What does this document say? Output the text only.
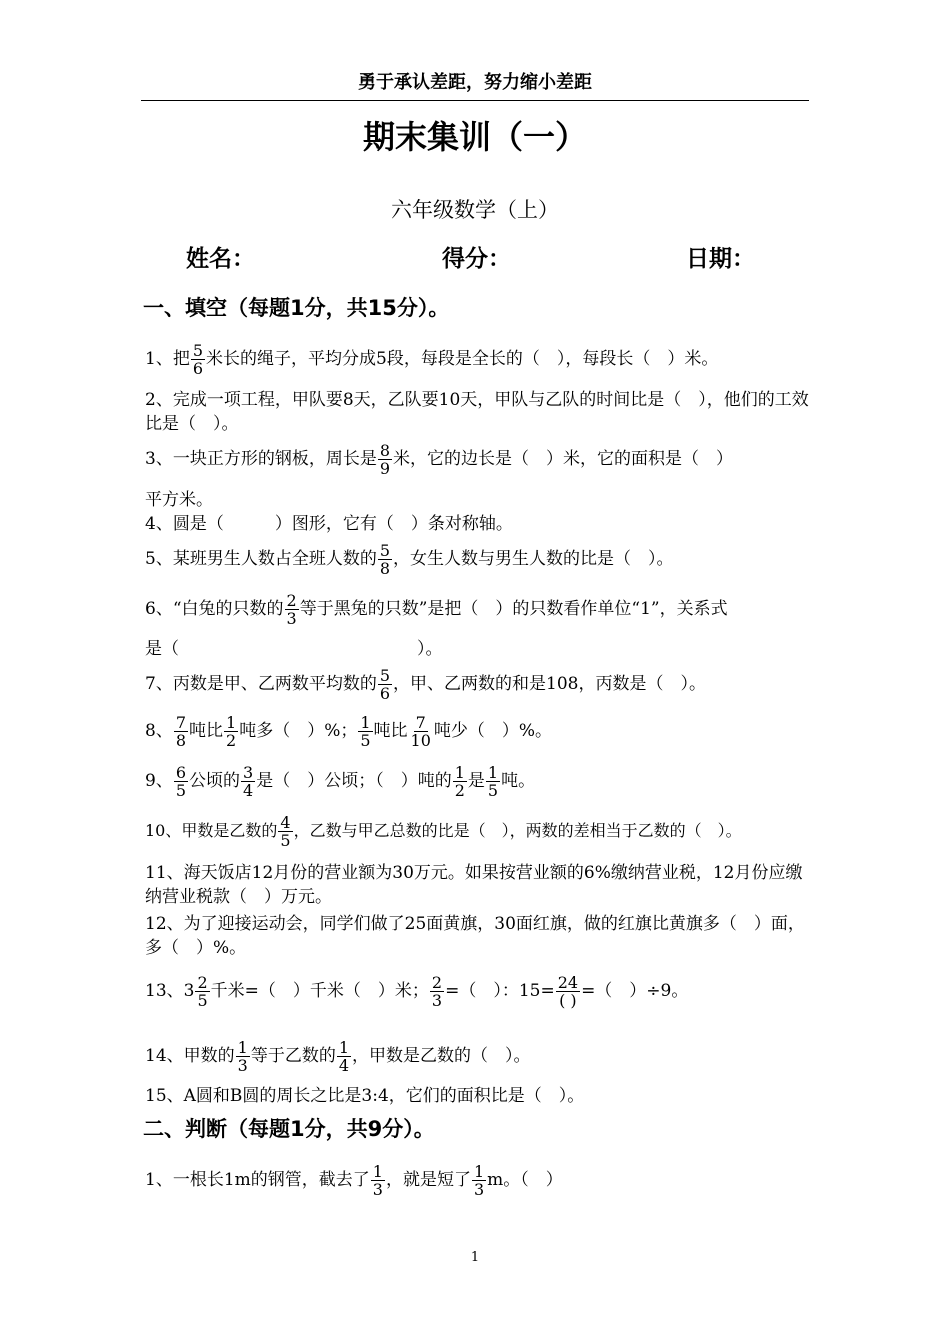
勇于承认差距，努力缩小差距
期末集训（一）
六年级数学（上）
姓名：	得分：	日期：
一、填空（每题1分，共15分）。
1、把 $\frac{5}{6}$ 米长的绳子，平均分成5段，每段是全长的（　），每段长（　）米。
2、完成一项工程，甲队要8天，乙队要10天，甲队与乙队的时间比是（　），他们的工效比是（　）。
3、一块正方形的钢板，周长是 $\frac{8}{9}$ 米，它的边长是（　）米，它的面积是（　）
平方米。
4、圆是（　　　）图形，它有（　）条对称轴。
5、某班男生人数占全班人数的 $\frac{5}{8}$ ，女生人数与男生人数的比是（　）。
6、“白兔的只数的 $\frac{2}{3}$ 等于黑兔的只数”是把（　）的只数看作单位“1”，关系式
是（　　　　　　　　　　　　　　）。
7、丙数是甲、乙两数平均数的 $\frac{5}{6}$ ，甲、乙两数的和是108，丙数是（　）。
8、 $\frac{7}{8}$ 吨比 $\frac{1}{2}$ 吨多（　）%； $\frac{1}{5}$ 吨比 $\frac{7}{10}$ 吨少（　）%。
9、 $\frac{6}{5}$ 公顷的 $\frac{3}{4}$ 是（　）公顷；（　）吨的 $\frac{1}{2}$ 是 $\frac{1}{5}$ 吨。
10、甲数是乙数的 $\frac{4}{5}$ ，乙数与甲乙总数的比是（　），两数的差相当于乙数的（　）。
11、海天饭店12月份的营业额为30万元。如果按营业额的6%缴纳营业税，12月份应缴纳营业税款（　）万元。
12、为了迎接运动会，同学们做了25面黄旗，30面红旗，做的红旗比黄旗多（　）面，多（　）%。
13、$3 \frac{2}{5}$ 千米=（　）千米（　）米； $\frac{2}{3}$ =（　）：15= 24
( ) =（　）÷9。
14、甲数的 $\frac{1}{3}$ 等于乙数的 $\frac{1}{4}$ ，甲数是乙数的（　）。
15、A圆和B圆的周长之比是3:4，它们的面积比是（　）。
二、判断（每题1分，共9分）。
1、一根长1m的钢管，截去了 $\frac{1}{3}$ ，就是短了 $\frac{1}{3}$ m。（　）
1
